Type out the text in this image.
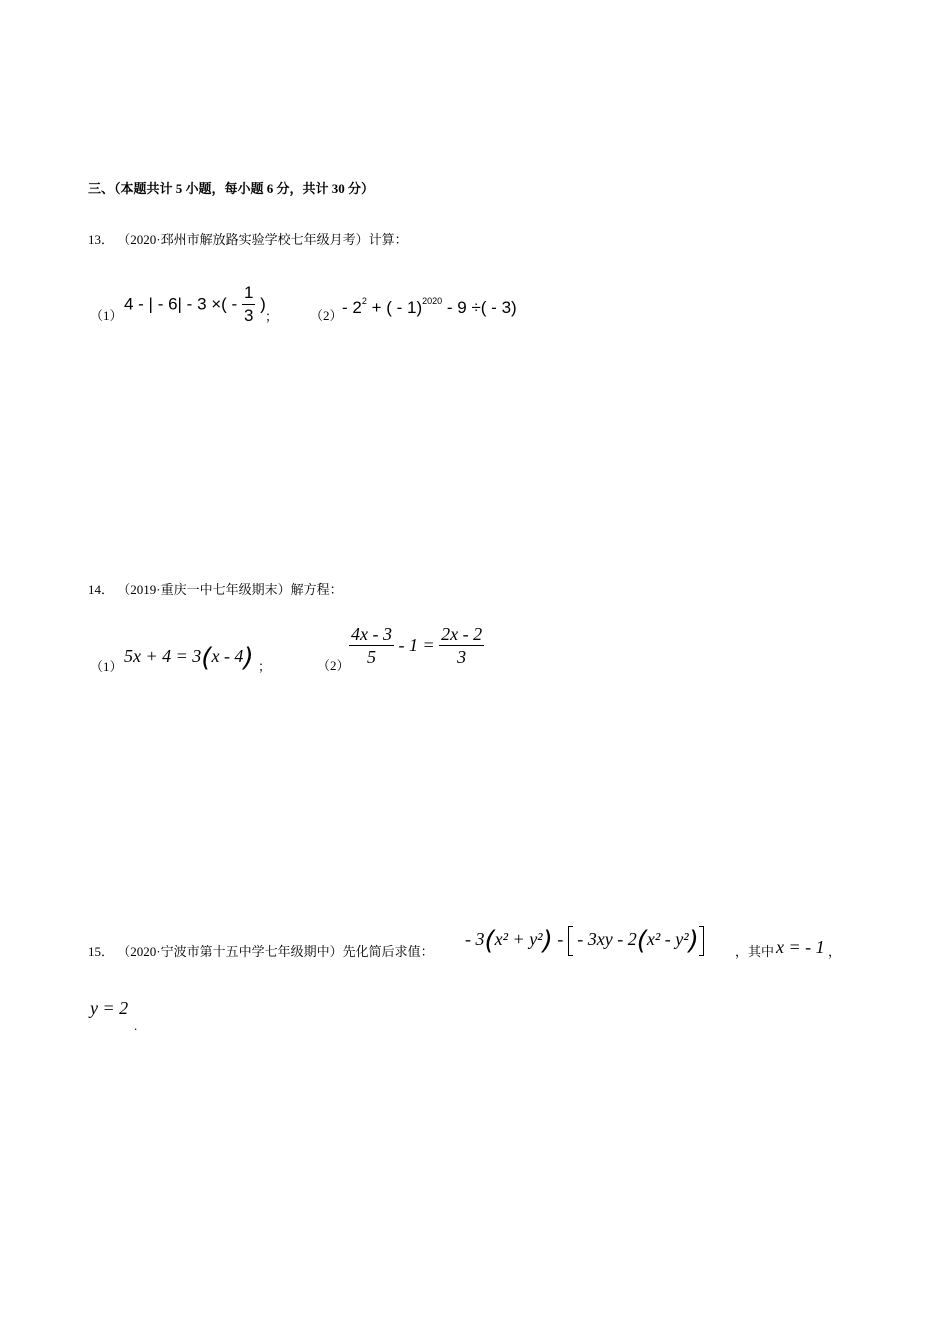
三、（本题共计 5 小题，每小题 6 分，共计 30 分）
13． （2020·邳州市解放路实验学校七年级月考）计算：
（1）
4 - | - 6| - 3 ×( - $\frac{1}{3}$ )
； $(2) - 2^2$ + ( - 1)$^{2020}$ - 9 ÷( - 3)
14． （2019·重庆一中七年级期末）解方程：
（1）
5x + 4 = 3(x - 4) ；	$(2) \frac{4x - 3}{5} - 1 = \frac{2x - 2}{3}$
15． （2020·宁波市第十五中学七年级期中）先化简后求值：
- 3(x² + y²) - - 3xy - 2(x² - y²)	，其中 x = - 1 ，
y = 2
.
